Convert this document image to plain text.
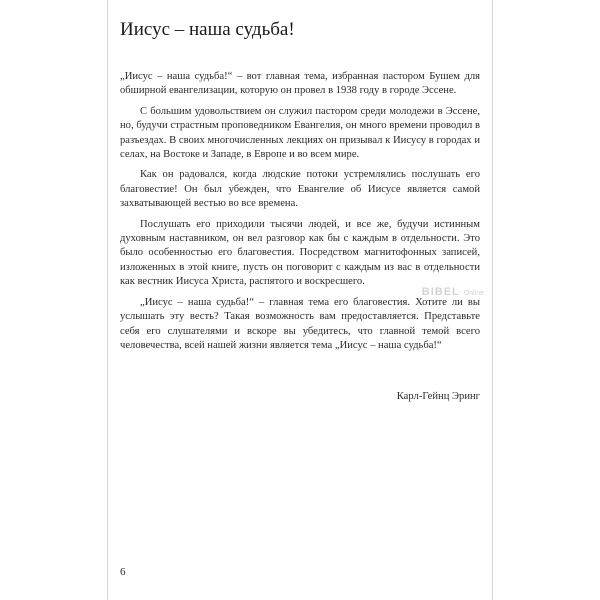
Иисус – наша судьба!

„Иисус – наша судьба!“ – вот главная тема, избранная пастором Бушем для обширной евангелизации, которую он провел в 1938 году в городе Эссене.

С большим удовольствием он служил пастором среди молодежи в Эссене, но, будучи страстным проповедником Евангелия, он много времени проводил в разъездах. В своих многочисленных лекциях он призывал к Иисусу в городах и селах, на Востоке и Западе, в Европе и во всем мире.

Как он радовался, когда людские потоки устремлялись послушать его благовестие! Он был убежден, что Евангелие об Иисусе является самой захватывающей вестью во все времена.

Послушать его приходили тысячи людей, и все же, будучи истинным духовным наставником, он вел разговор как бы с каждым в отдельности. Это было особенностью его благовестия. Посредством магнитофонных записей, изложенных в этой книге, пусть он поговорит с каждым из вас в отдельности как вестник Иисуса Христа, распятого и воскресшего.

„Иисус – наша судьба!“ – главная тема его благовестия. Хотите ли вы услышать эту весть? Такая возможность вам предоставляется. Представьте себя его слушателями и вскоре вы убедитесь, что главной темой всего человечества, всей нашей жизни является тема „Иисус – наша судьба!“

BIBEL Online
Карл-Гейнц Эринг
6
